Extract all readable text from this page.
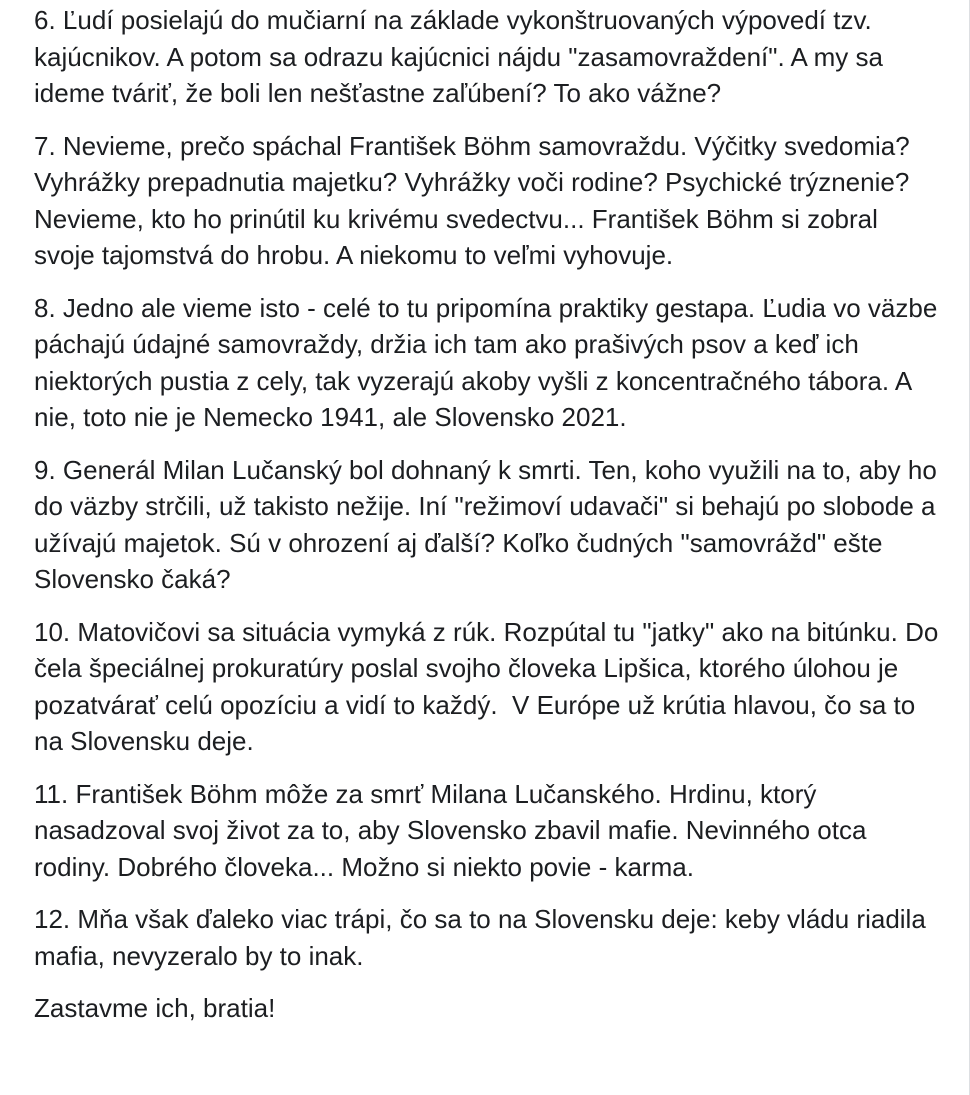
6. Ľudí posielajú do mučiarní na základe vykonštruovaných výpovedí tzv. kajúcnikov. A potom sa odrazu kajúcnici nájdu "zasamovraždení". A my sa ideme tváriť, že boli len nešťastne zaľúbení? To ako vážne?

7. Nevieme, prečo spáchal František Böhm samovraždu. Výčitky svedomia? Vyhrážky prepadnutia majetku? Vyhrážky voči rodine? Psychické trýznenie? Nevieme, kto ho prinútil ku krivému svedectvu... František Böhm si zobral svoje tajomstvá do hrobu. A niekomu to veľmi vyhovuje.

8. Jedno ale vieme isto - celé to tu pripomína praktiky gestapa. Ľudia vo väzbe páchajú údajné samovraždy, držia ich tam ako prašivých psov a keď ich niektorých pustia z cely, tak vyzerajú akoby vyšli z koncentračného tábora. A nie, toto nie je Nemecko 1941, ale Slovensko 2021.

9. Generál Milan Lučanský bol dohnaný k smrti. Ten, koho využili na to, aby ho do väzby strčili, už takisto nežije. Iní "režimoví udavači" si behajú po slobode a užívajú majetok. Sú v ohrození aj ďalší? Koľko čudných "samovrážd" ešte Slovensko čaká?

10. Matovičovi sa situácia vymyká z rúk. Rozpútal tu "jatky" ako na bitúnku. Do čela špeciálnej prokuratúry poslal svojho človeka Lipšica, ktorého úlohou je pozatvárať celú opozíciu a vidí to každý.  V Európe už krútia hlavou, čo sa to na Slovensku deje.

11. František Böhm môže za smrť Milana Lučanského. Hrdinu, ktorý nasadzoval svoj život za to, aby Slovensko zbavil mafie. Nevinného otca rodiny. Dobrého človeka... Možno si niekto povie - karma.

12. Mňa však ďaleko viac trápi, čo sa to na Slovensku deje: keby vládu riadila mafia, nevyzeralo by to inak.

Zastavme ich, bratia!
